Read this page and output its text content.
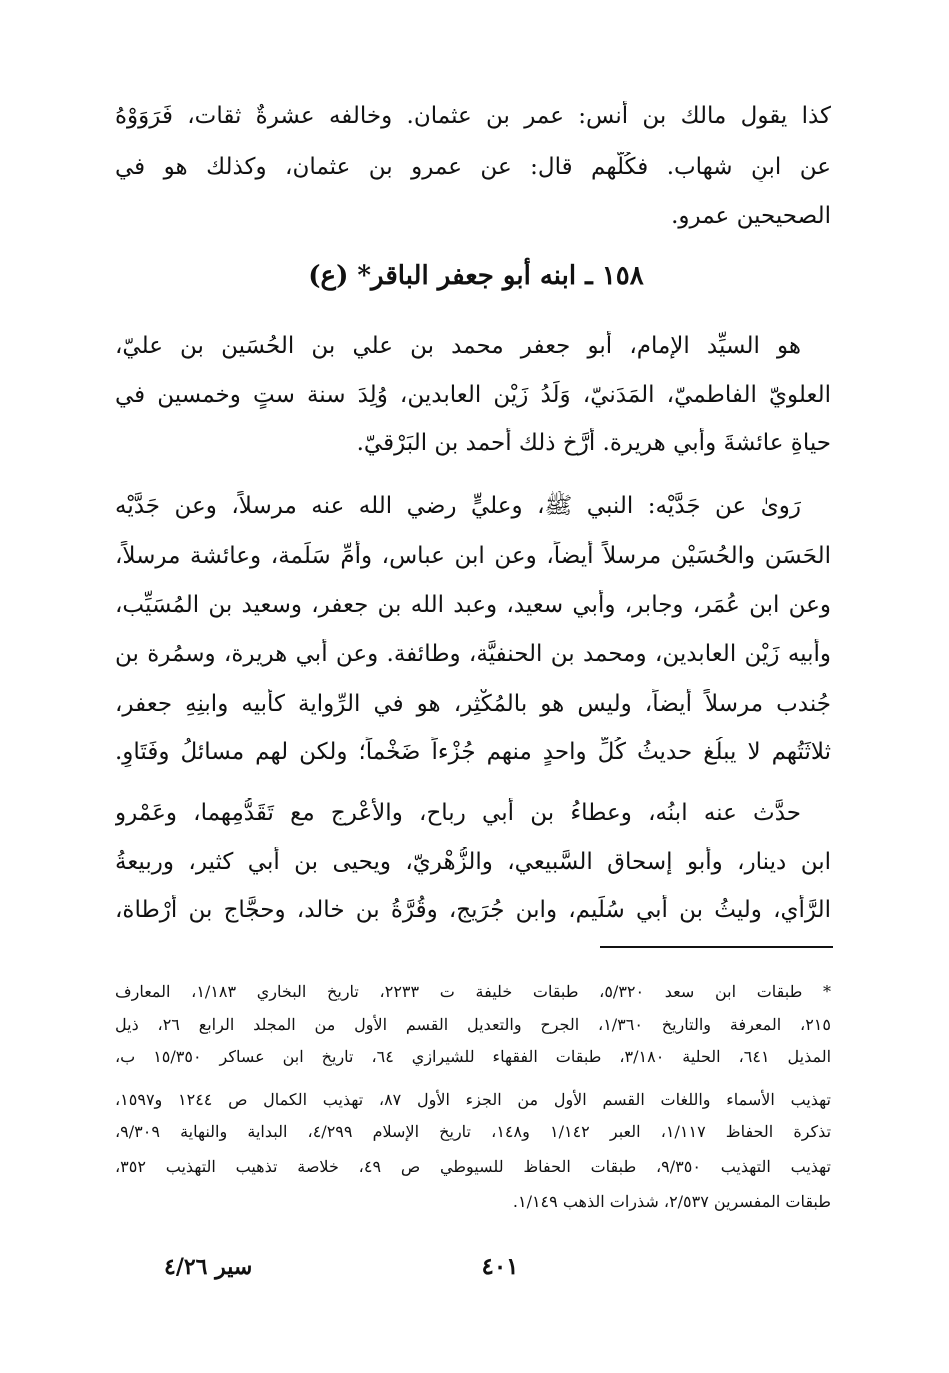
كذا يقول مالك بن أنس: عمر بن عثمان. وخالفه عشرةٌ ثقات، فَرَوَوْهُ
عن ابنِ شهاب. فكُلُّهم قال: عن عمرو بن عثمان، وكذلك هو في
الصحيحين عمرو.
١٥٨ ـ ابنه أبو جعفر الباقر* (ع)
هو السيِّد الإمام، أبو جعفر محمد بن علي بن الحُسَين بن عليّ،
العلويّ الفاطميّ، المَدَنيّ، وَلَدُ زَيْن العابدين، وُلِدَ سنة ستٍ وخمسين في
حياةِ عائشةَ وأبي هريرة. أرَّخ ذلك أحمد بن البَرْقيّ.
رَوىٰ عن جَدَّيْه: النبي ﷺ، وعليٍّ رضي الله عنه مرسلاً، وعن جَدَّيْه
الحَسَن والحُسَيْن مرسلاً أيضاً، وعن ابن عباس، وأُمِّ سَلَمة، وعائشة مرسلاً،
وعن ابن عُمَر، وجابر، وأبي سعيد، وعبد الله بن جعفر، وسعيد بن المُسَيِّب،
وأبيه زَيْن العابدين، ومحمد بن الحنفيَّة، وطائفة. وعن أبي هريرة، وسمُرة بن
جُندب مرسلاً أيضاً، وليس هو بالمُكْثِر، هو في الرِّواية كأبيه وابنِهِ جعفر،
ثلاثَتُهم لا يبلُغ حديثُ كُلِّ واحدٍ منهم جُزْءاً ضَخْماً؛ ولكن لهم مسائلُ وفَتَاوٍ.
حدَّث عنه ابنُه، وعطاءُ بن أبي رباح، والأعْرج مع تَقَدُّمِهما، وعَمْرو
ابن دينار، وأبو إسحاق السَّبيعي، والزُّهْريّ، ويحيى بن أبي كثير، وربيعةُ
الرَّأْي، وليثُ بن أبي سُلَيم، وابن جُرَيج، وقُرَّةُ بن خالد، وحجَّاج بن أرْطاة،
* طبقات ابن سعد ٥/٣٢٠، طبقات خليفة ت ٢٢٣٣، تاريخ البخاري ١/١٨٣، المعارف
٢١٥، المعرفة والتاريخ ١/٣٦٠، الجرح والتعديل القسم الأول من المجلد الرابع ٢٦، ذيل
المذيل ٦٤١، الحلية ٣/١٨٠، طبقات الفقهاء للشيرازي ٦٤، تاريخ ابن عساكر ١٥/٣٥٠ ب،
تهذيب الأسماء واللغات القسم الأول من الجزء الأول ٨٧، تهذيب الكمال ص ١٢٤٤ و١٥٩٧،
تذكرة الحفاظ ١/١١٧، العبر ١/١٤٢ و١٤٨، تاريخ الإسلام ٤/٢٩٩، البداية والنهاية ٩/٣٠٩،
تهذيب التهذيب ٩/٣٥٠، طبقات الحفاظ للسيوطي ص ٤٩، خلاصة تذهيب التهذيب ٣٥٢،
طبقات المفسرين ٢/٥٣٧، شذرات الذهب ١/١٤٩.
٤٠١
سير ٤/٢٦
